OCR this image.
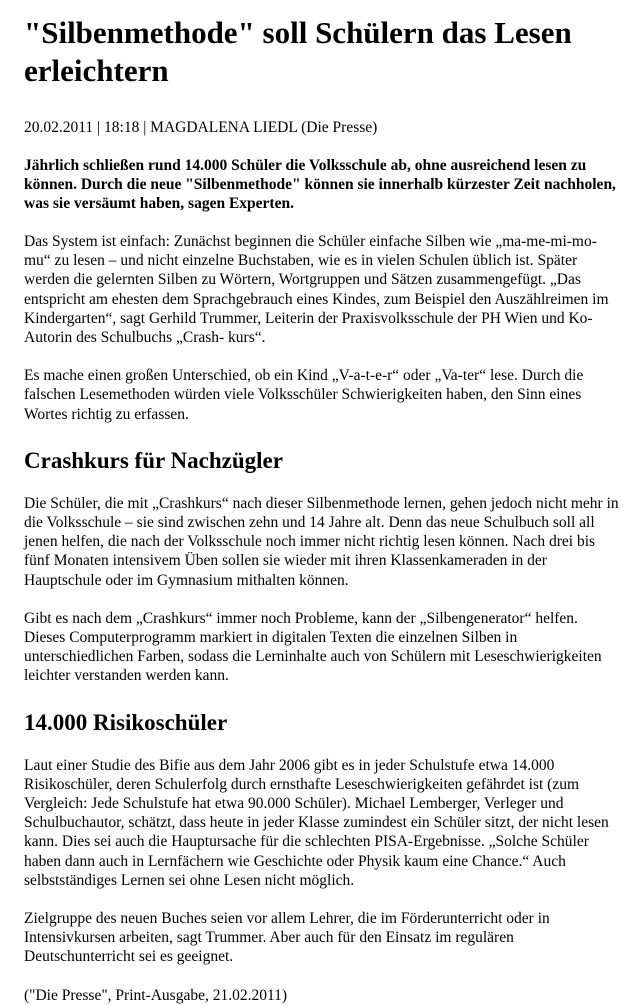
"Silbenmethode" soll Schülern das Lesen erleichtern
20.02.2011 | 18:18 | MAGDALENA LIEDL (Die Presse)
Jährlich schließen rund 14.000 Schüler die Volksschule ab, ohne ausreichend lesen zu können. Durch die neue "Silbenmethode" können sie innerhalb kürzester Zeit nachholen, was sie versäumt haben, sagen Experten.

Das System ist einfach: Zunächst beginnen die Schüler einfache Silben wie „ma-me-mi-mo-mu“ zu lesen – und nicht einzelne Buchstaben, wie es in vielen Schulen üblich ist. Später werden die gelernten Silben zu Wörtern, Wortgruppen und Sätzen zusammengefügt. „Das entspricht am ehesten dem Sprachgebrauch eines Kindes, zum Beispiel den Auszählreimen im Kindergarten“, sagt Gerhild Trummer, Leiterin der Praxisvolksschule der PH Wien und Ko-Autorin des Schulbuchs „Crash- kurs“.

Es mache einen großen Unterschied, ob ein Kind „V-a-t-e-r“ oder „Va-ter“ lese. Durch die falschen Lesemethoden würden viele Volksschüler Schwierigkeiten haben, den Sinn eines Wortes richtig zu erfassen.

Crashkurs für Nachzügler

Die Schüler, die mit „Crashkurs“ nach dieser Silbenmethode lernen, gehen jedoch nicht mehr in die Volksschule – sie sind zwischen zehn und 14 Jahre alt. Denn das neue Schulbuch soll all jenen helfen, die nach der Volksschule noch immer nicht richtig lesen können. Nach drei bis fünf Monaten intensivem Üben sollen sie wieder mit ihren Klassenkameraden in der Hauptschule oder im Gymnasium mithalten können.

Gibt es nach dem „Crashkurs“ immer noch Probleme, kann der „Silbengenerator“ helfen. Dieses Computerprogramm markiert in digitalen Texten die einzelnen Silben in unterschiedlichen Farben, sodass die Lerninhalte auch von Schülern mit Leseschwierigkeiten leichter verstanden werden kann.

14.000 Risikoschüler

Laut einer Studie des Bifie aus dem Jahr 2006 gibt es in jeder Schulstufe etwa 14.000 Risikoschüler, deren Schulerfolg durch ernsthafte Leseschwierigkeiten gefährdet ist (zum Vergleich: Jede Schulstufe hat etwa 90.000 Schüler). Michael Lemberger, Verleger und Schulbuchautor, schätzt, dass heute in jeder Klasse zumindest ein Schüler sitzt, der nicht lesen kann. Dies sei auch die Hauptursache für die schlechten PISA-Ergebnisse. „Solche Schüler haben dann auch in Lernfächern wie Geschichte oder Physik kaum eine Chance.“ Auch selbstständiges Lernen sei ohne Lesen nicht möglich.

Zielgruppe des neuen Buches seien vor allem Lehrer, die im Förderunterricht oder in Intensivkursen arbeiten, sagt Trummer. Aber auch für den Einsatz im regulären Deutschunterricht sei es geeignet.

("Die Presse", Print-Ausgabe, 21.02.2011)
